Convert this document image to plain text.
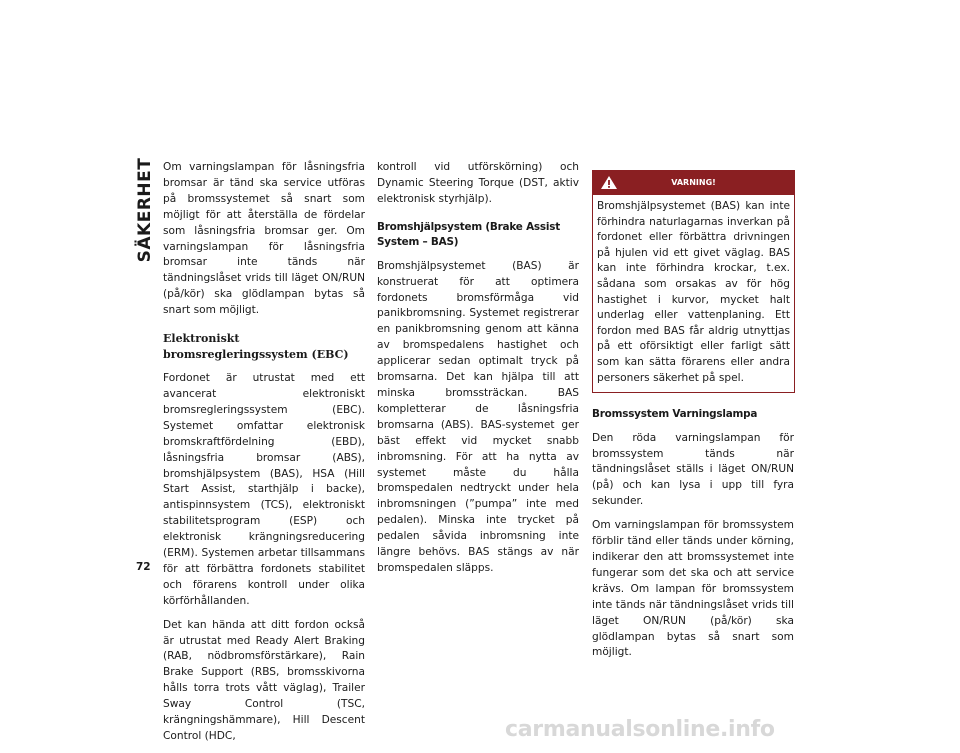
SÄKERHET Om varningslampan för låsningsfria bromsar är tänd ska service utföras på bromssystemet så snart som möjligt för att återställa de fördelar som låsningsfria bromsar ger. Om varningslampan för låsningsfria bromsar inte tänds när tändningslåset vrids till läget ON/RUN (på/kör) ska glödlampan bytas så snart som möjligt.

Elektroniskt bromsregleringssystem (EBC)

Fordonet är utrustat med ett avancerat elektroniskt bromsregleringssystem (EBC). Systemet omfattar elektronisk bromskraftfördelning (EBD), låsningsfria bromsar (ABS), bromshjälpsystem (BAS), HSA (Hill Start Assist, starthjälp i backe), antispinnsystem (TCS), elektroniskt stabilitetsprogram (ESP) och elektronisk krängningsreducering (ERM). Systemen arbetar tillsammans för att förbättra fordonets stabilitet och förarens kontroll under olika körförhållanden.

Det kan hända att ditt fordon också är utrustat med Ready Alert Braking (RAB, nödbromsförstärkare), Rain Brake Support (RBS, bromsskivorna hålls torra trots vått väglag), Trailer Sway Control (TSC, krängningshämmare), Hill Descent Control (HDC,

kontroll vid utförskörning) och Dynamic Steering Torque (DST, aktiv elektronisk styrhjälp).

Bromshjälpsystem (Brake Assist System – BAS)

Bromshjälpsystemet (BAS) är konstruerat för att optimera fordonets bromsförmåga vid panikbromsning. Systemet registrerar en panikbromsning genom att känna av bromspedalens hastighet och applicerar sedan optimalt tryck på bromsarna. Det kan hjälpa till att minska bromssträckan. BAS kompletterar de låsningsfria bromsarna (ABS). BAS-systemet ger bäst effekt vid mycket snabb inbromsning. För att ha nytta av systemet måste du hålla bromspedalen nedtryckt under hela inbromsningen (”pumpa” inte med pedalen). Minska inte trycket på pedalen såvida inbromsning inte längre behövs. BAS stängs av när bromspedalen släpps.

VARNING!
Bromshjälpsystemet (BAS) kan inte förhindra naturlagarnas inverkan på fordonet eller förbättra drivningen på hjulen vid ett givet väglag. BAS kan inte förhindra krockar, t.ex. sådana som orsakas av för hög hastighet i kurvor, mycket halt underlag eller vattenplaning. Ett fordon med BAS får aldrig utnyttjas på ett oförsiktigt eller farligt sätt som kan sätta förarens eller andra personers säkerhet på spel.
Bromssystem Varningslampa

Den röda varningslampan för bromssystem tänds när tändningslåset ställs i läget ON/RUN (på) och kan lysa i upp till fyra sekunder.

Om varningslampan för bromssystem förblir tänd eller tänds under körning, indikerar den att bromssystemet inte fungerar som det ska och att service krävs. Om lampan för bromssystem inte tänds när tändningslåset vrids till läget ON/RUN (på/kör) ska glödlampan bytas så snart som möjligt.

72
carmanualsonline.info
